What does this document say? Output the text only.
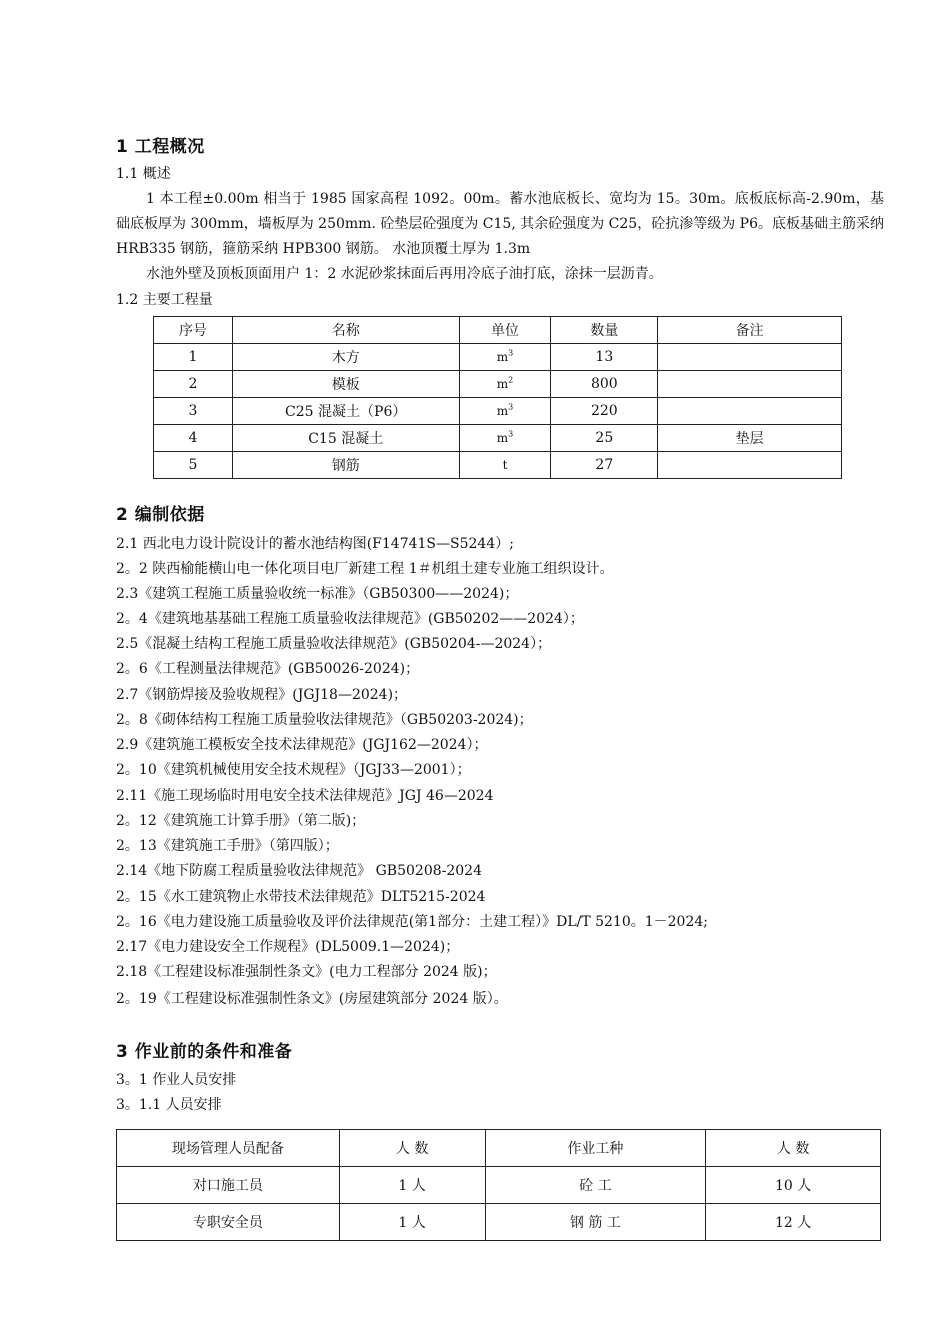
1 工程概况
1.1 概述
1 本工程±0.00m 相当于 1985 国家高程 1092。00m。蓄水池底板长、宽均为 15。30m。底板底标高-2.90m，基础底板厚为 300mm，墙板厚为 250mm. 砼垫层砼强度为 C15, 其余砼强度为 C25，砼抗渗等级为 P6。底板基础主筋采纳 HRB335 钢筋，箍筋采纳 HPB300 钢筋。 水池顶覆土厚为 1.3m
水池外壁及顶板顶面用户 1：2 水泥砂浆抹面后再用冷底子油打底，涂抹一层沥青。
1.2 主要工程量
序号	名称	单位	数量	备注
1	木方	$m^3$	13	
2	模板	$m^2$	800	
3	C25 混凝土（P6）	$m^3$	220	
4	C15 混凝土	$m^3$	25	垫层
5	钢筋	t	27	
2 编制依据
2.1 西北电力设计院设计的蓄水池结构图(F14741S—S5244）;
2。2 陕西榆能横山电一体化项目电厂新建工程 1＃机组土建专业施工组织设计。
2.3《建筑工程施工质量验收统一标准》（GB50300——2024)；
2。4《建筑地基基础工程施工质量验收法律规范》(GB50202——2024）；
2.5《混凝土结构工程施工质量验收法律规范》(GB50204-—2024）；
2。6《工程测量法律规范》(GB50026-2024)；
2.7《钢筋焊接及验收规程》(JGJ18—2024)；
2。8《砌体结构工程施工质量验收法律规范》（GB50203-2024)；
2.9《建筑施工模板安全技术法律规范》(JGJ162—2024）；
2。10《建筑机械使用安全技术规程》（JGJ33—2001）；
2.11《施工现场临时用电安全技术法律规范》JGJ 46—2024
2。12《建筑施工计算手册》（第二版)；
2。13《建筑施工手册》（第四版）；
2.14《地下防腐工程质量验收法律规范》 GB50208-2024
2。15《水工建筑物止水带技术法律规范》DLT5215-2024
2。16《电力建设施工质量验收及评价法律规范(第1部分：土建工程）》DL/T 5210。1－2024;
2.17《电力建设安全工作规程》(DL5009.1—2024)；
2.18《工程建设标准强制性条文》(电力工程部分 2024 版)；
2。19《工程建设标准强制性条文》(房屋建筑部分 2024 版）。
3 作业前的条件和准备
3。1 作业人员安排
3。1.1 人员安排
现场管理人员配备	人 数	作业工种	人 数
对口施工员	1 人	砼 工	10 人
专职安全员	1 人	钢 筋 工	12 人
